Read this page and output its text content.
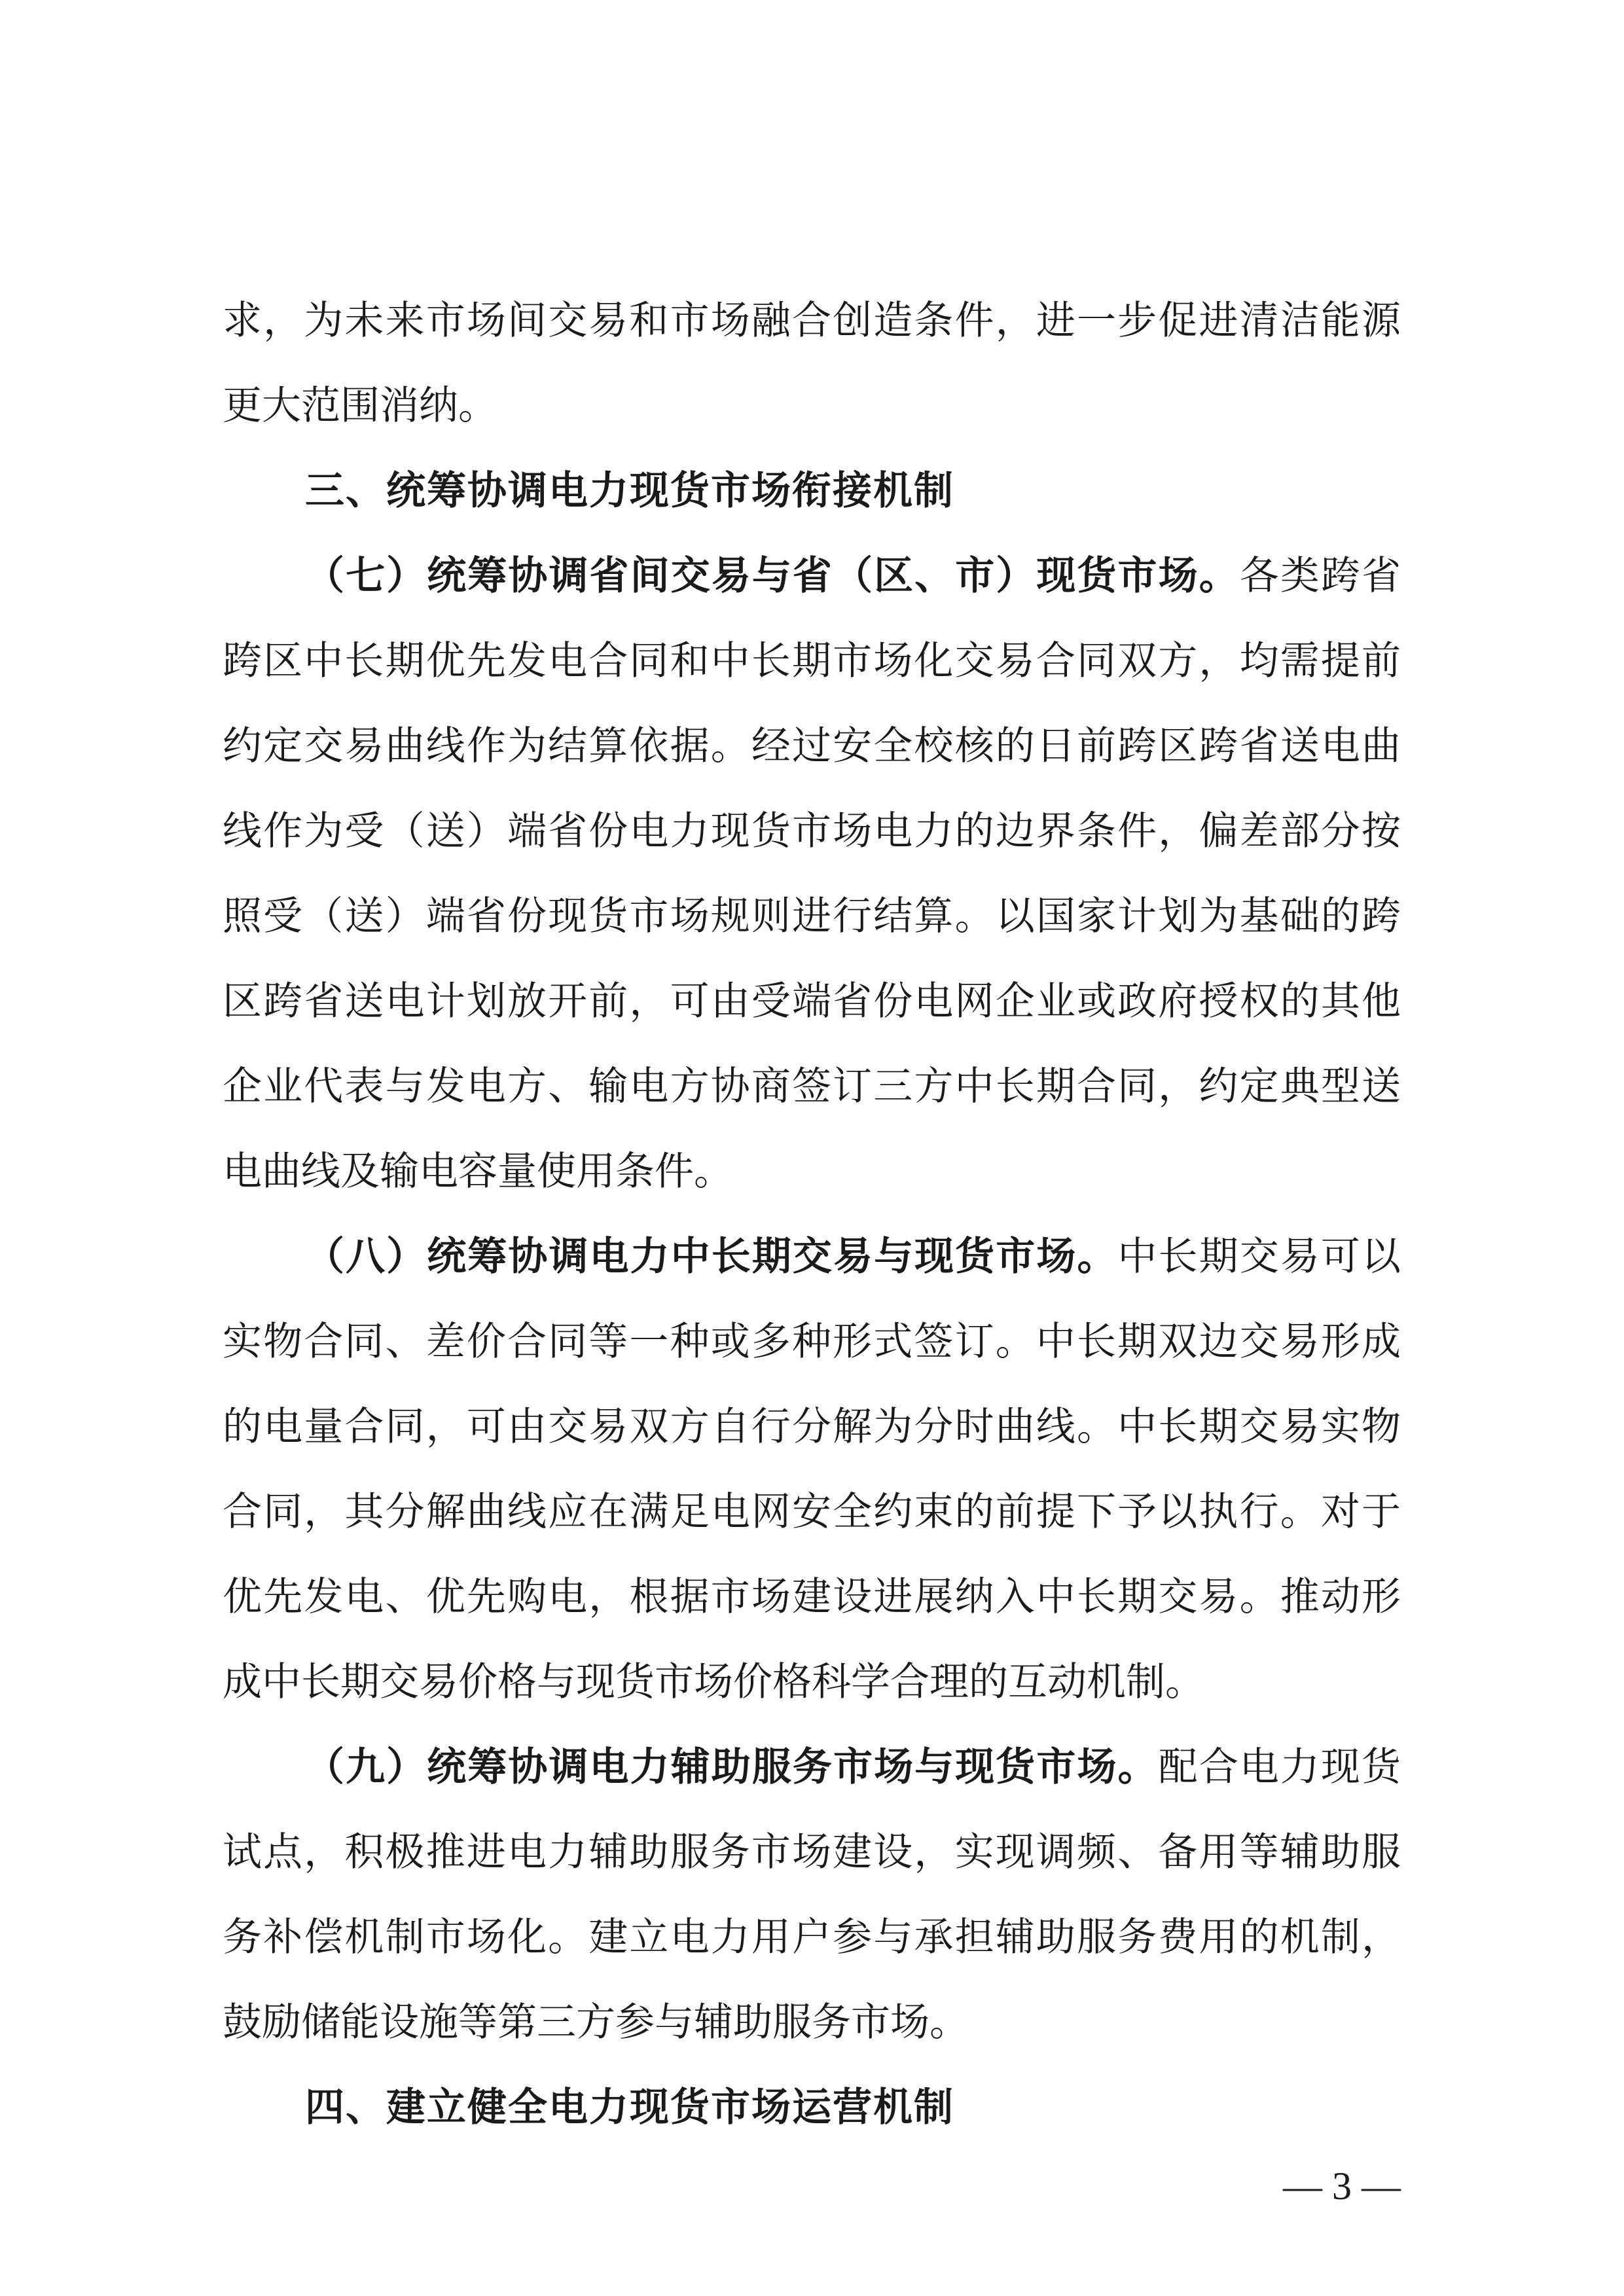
求，为未来市场间交易和市场融合创造条件，进一步促进清洁能源
更大范围消纳。
三、统筹协调电力现货市场衔接机制
（七）统筹协调省间交易与省（区、市）现货市场。各类跨省
跨区中长期优先发电合同和中长期市场化交易合同双方，均需提前
约定交易曲线作为结算依据。经过安全校核的日前跨区跨省送电曲
线作为受（送）端省份电力现货市场电力的边界条件，偏差部分按
照受（送）端省份现货市场规则进行结算。以国家计划为基础的跨
区跨省送电计划放开前，可由受端省份电网企业或政府授权的其他
企业代表与发电方、输电方协商签订三方中长期合同，约定典型送
电曲线及输电容量使用条件。
（八）统筹协调电力中长期交易与现货市场。中长期交易可以
实物合同、差价合同等一种或多种形式签订。中长期双边交易形成
的电量合同，可由交易双方自行分解为分时曲线。中长期交易实物
合同，其分解曲线应在满足电网安全约束的前提下予以执行。对于
优先发电、优先购电，根据市场建设进展纳入中长期交易。推动形
成中长期交易价格与现货市场价格科学合理的互动机制。
（九）统筹协调电力辅助服务市场与现货市场。配合电力现货
试点，积极推进电力辅助服务市场建设，实现调频、备用等辅助服
务补偿机制市场化。建立电力用户参与承担辅助服务费用的机制，
鼓励储能设施等第三方参与辅助服务市场。
四、建立健全电力现货市场运营机制
— 3 —
